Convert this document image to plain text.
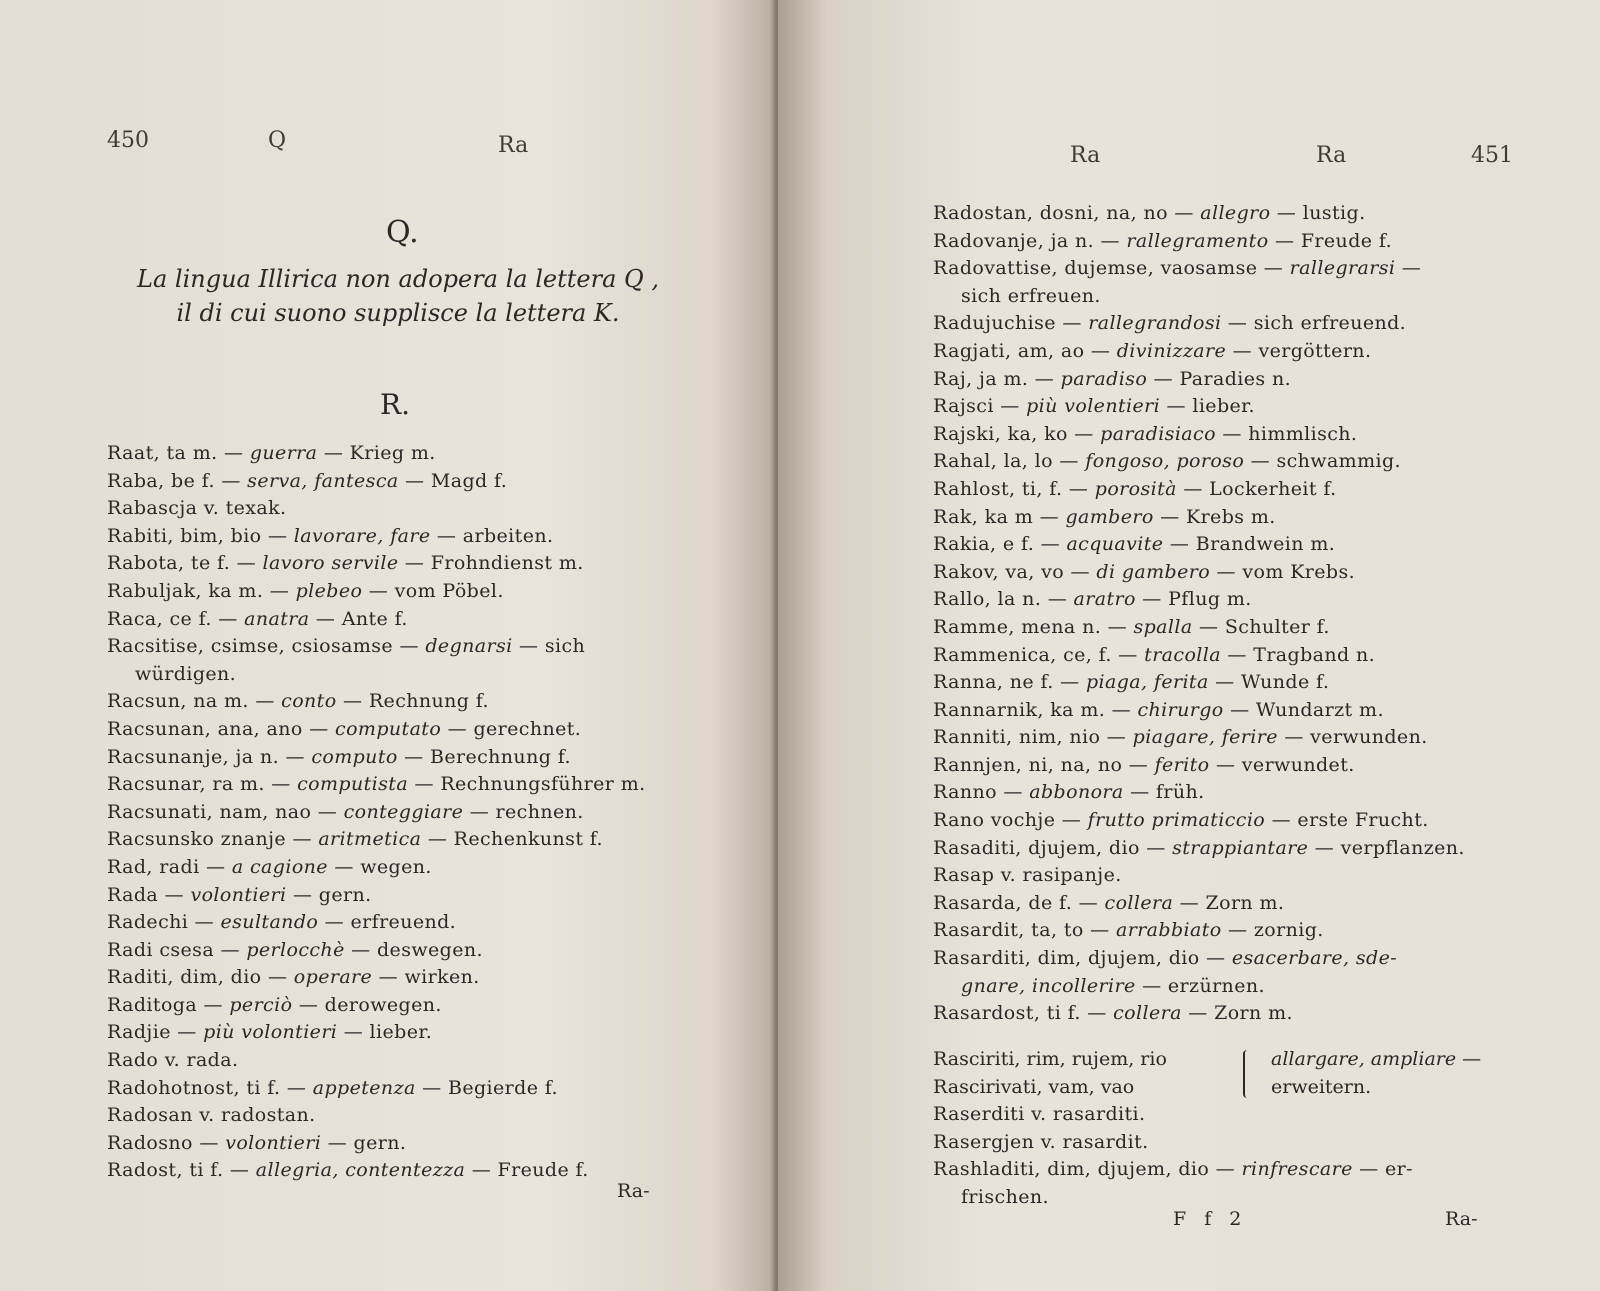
450	Q	Ra
Q.
La lingua Illirica non adopera la lettera Q ,
il di cui suono supplisce la lettera K.
R.
Raat, ta m. — guerra — Krieg m.
Raba, be f. — serva, fantesca — Magd f.
Rabascja v. texak.
Rabiti, bim, bio — lavorare, fare — arbeiten.
Rabota, te f. — lavoro servile — Frohndienst m.
Rabuljak, ka m. — plebeo — vom Pöbel.
Raca, ce f. — anatra — Ante f.
Racsitise, csimse, csiosamse — degnarsi — sich
würdigen.
Racsun, na m. — conto — Rechnung f.
Racsunan, ana, ano — computato — gerechnet.
Racsunanje, ja n. — computo — Berechnung f.
Racsunar, ra m. — computista — Rechnungsführer m.
Racsunati, nam, nao — conteggiare — rechnen.
Racsunsko znanje — aritmetica — Rechenkunst f.
Rad, radi — a cagione — wegen.
Rada — volontieri — gern.
Radechi — esultando — erfreuend.
Radi csesa — perlocchè — deswegen.
Raditi, dim, dio — operare — wirken.
Raditoga — perciò — derowegen.
Radjie — più volontieri — lieber.
Rado v. rada.
Radohotnost, ti f. — appetenza — Begierde f.
Radosan v. radostan.
Radosno — volontieri — gern.
Radost, ti f. — allegria, contentezza — Freude f.
Ra-
Ra	Ra	451
Radostan, dosni, na, no — allegro — lustig.
Radovanje, ja n. — rallegramento — Freude f.
Radovattise, dujemse, vaosamse — rallegrarsi —
sich erfreuen.
Radujuchise — rallegrandosi — sich erfreuend.
Ragjati, am, ao — divinizzare — vergöttern.
Raj, ja m. — paradiso — Paradies n.
Rajsci — più volentieri — lieber.
Rajski, ka, ko — paradisiaco — himmlisch.
Rahal, la, lo — fongoso, poroso — schwammig.
Rahlost, ti, f. — porosità — Lockerheit f.
Rak, ka m — gambero — Krebs m.
Rakia, e f. — acquavite — Brandwein m.
Rakov, va, vo — di gambero — vom Krebs.
Rallo, la n. — aratro — Pflug m.
Ramme, mena n. — spalla — Schulter f.
Rammenica, ce, f. — tracolla — Tragband n.
Ranna, ne f. — piaga, ferita — Wunde f.
Rannarnik, ka m. — chirurgo — Wundarzt m.
Ranniti, nim, nio — piagare, ferire — verwunden.
Rannjen, ni, na, no — ferito — verwundet.
Ranno — abbonora — früh.
Rano vochje — frutto primaticcio — erste Frucht.
Rasaditi, djujem, dio — strappiantare — verpflanzen.
Rasap v. rasipanje.
Rasarda, de f. — collera — Zorn m.
Rasardit, ta, to — arrabbiato — zornig.
Rasarditi, dim, djujem, dio — esacerbare, sde-
gnare, incollerire — erzürnen.
Rasardost, ti f. — collera — Zorn m.
Rasciriti, rim, rujem, rio
Rascirivati, vam, vao
allargare, ampliare —
erweitern.
Raserditi v. rasarditi.
Rasergjen v. rasardit.
Rashladiti, dim, djujem, dio — rinfrescare — er-
frischen.
F f 2	Ra-
